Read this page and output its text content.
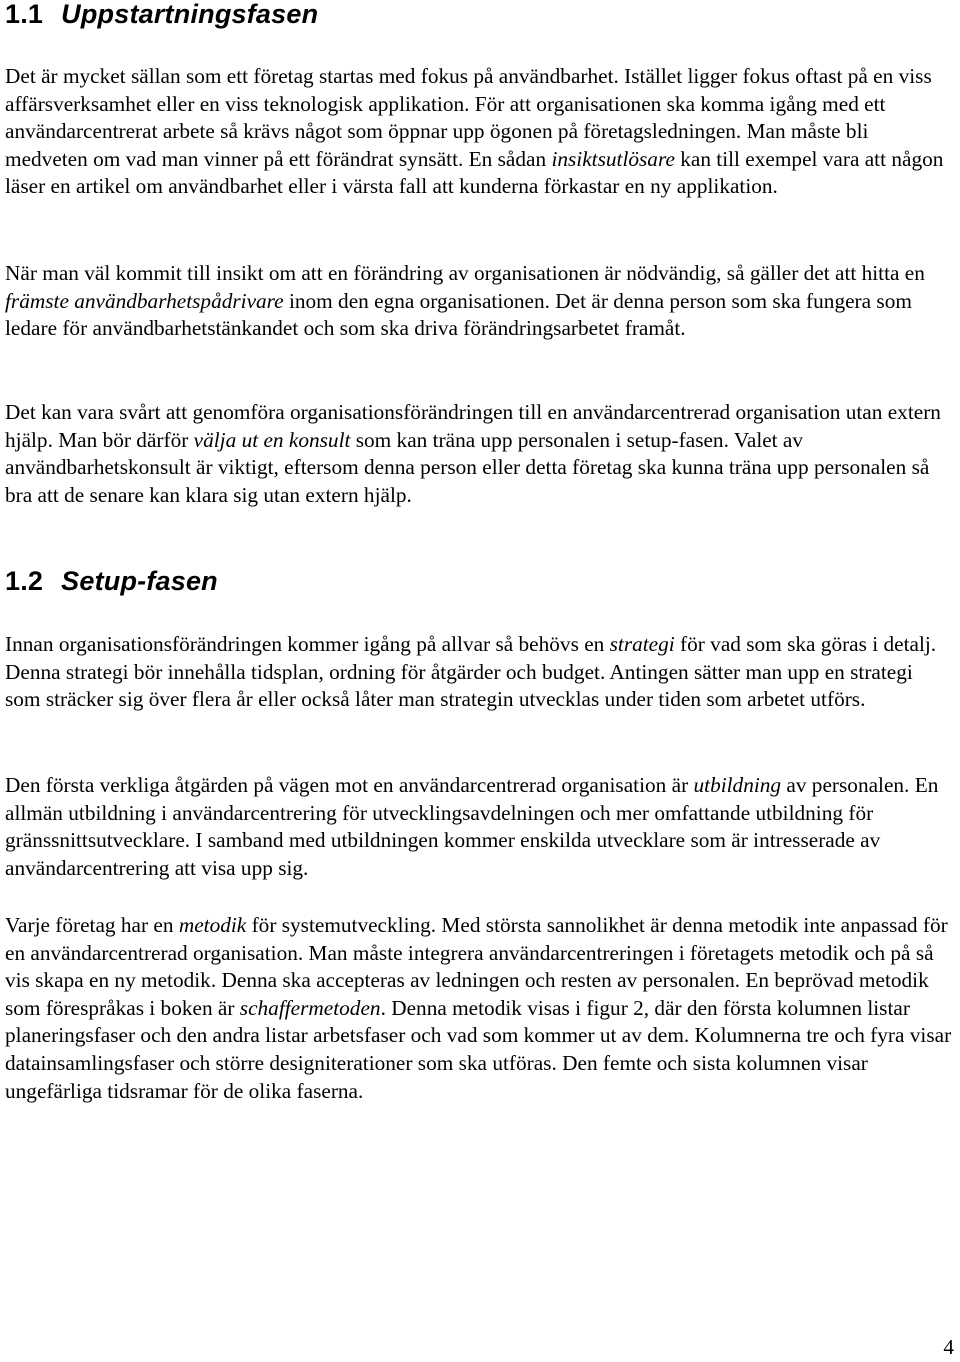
1.1 Uppstartningsfasen

Det är mycket sällan som ett företag startas med fokus på användbarhet. Istället ligger fokus oftast på en viss affärsverksamhet eller en viss teknologisk applikation. För att organisationen ska komma igång med ett användarcentrerat arbete så krävs något som öppnar upp ögonen på företagsledningen. Man måste bli medveten om vad man vinner på ett förändrat synsätt. En sådan insiktsutlösare kan till exempel vara att någon läser en artikel om användbarhet eller i värsta fall att kunderna förkastar en ny applikation.

När man väl kommit till insikt om att en förändring av organisationen är nödvändig, så gäller det att hitta en främste användbarhetspådrivare inom den egna organisationen. Det är denna person som ska fungera som ledare för användbarhetstänkandet och som ska driva förändringsarbetet framåt.

Det kan vara svårt att genomföra organisationsförändringen till en användarcentrerad organisation utan extern hjälp. Man bör därför välja ut en konsult som kan träna upp personalen i setup-fasen. Valet av användbarhetskonsult är viktigt, eftersom denna person eller detta företag ska kunna träna upp personalen så bra att de senare kan klara sig utan extern hjälp.

1.2 Setup-fasen

Innan organisationsförändringen kommer igång på allvar så behövs en strategi för vad som ska göras i detalj. Denna strategi bör innehålla tidsplan, ordning för åtgärder och budget. Antingen sätter man upp en strategi som sträcker sig över flera år eller också låter man strategin utvecklas under tiden som arbetet utförs.

Den första verkliga åtgärden på vägen mot en användarcentrerad organisation är utbildning av personalen. En allmän utbildning i användarcentrering för utvecklingsavdelningen och mer omfattande utbildning för gränssnittsutvecklare. I samband med utbildningen kommer enskilda utvecklare som är intresserade av användarcentrering att visa upp sig.

Varje företag har en metodik för systemutveckling. Med största sannolikhet är denna metodik inte anpassad för en användarcentrerad organisation. Man måste integrera användarcentreringen i företagets metodik och på så vis skapa en ny metodik. Denna ska accepteras av ledningen och resten av personalen. En beprövad metodik som förespråkas i boken är schaffermetoden. Denna metodik visas i figur 2, där den första kolumnen listar planeringsfaser och den andra listar arbetsfaser och vad som kommer ut av dem. Kolumnerna tre och fyra visar datainsamlingsfaser och större designiterationer som ska utföras. Den femte och sista kolumnen visar ungefärliga tidsramar för de olika faserna.

4
